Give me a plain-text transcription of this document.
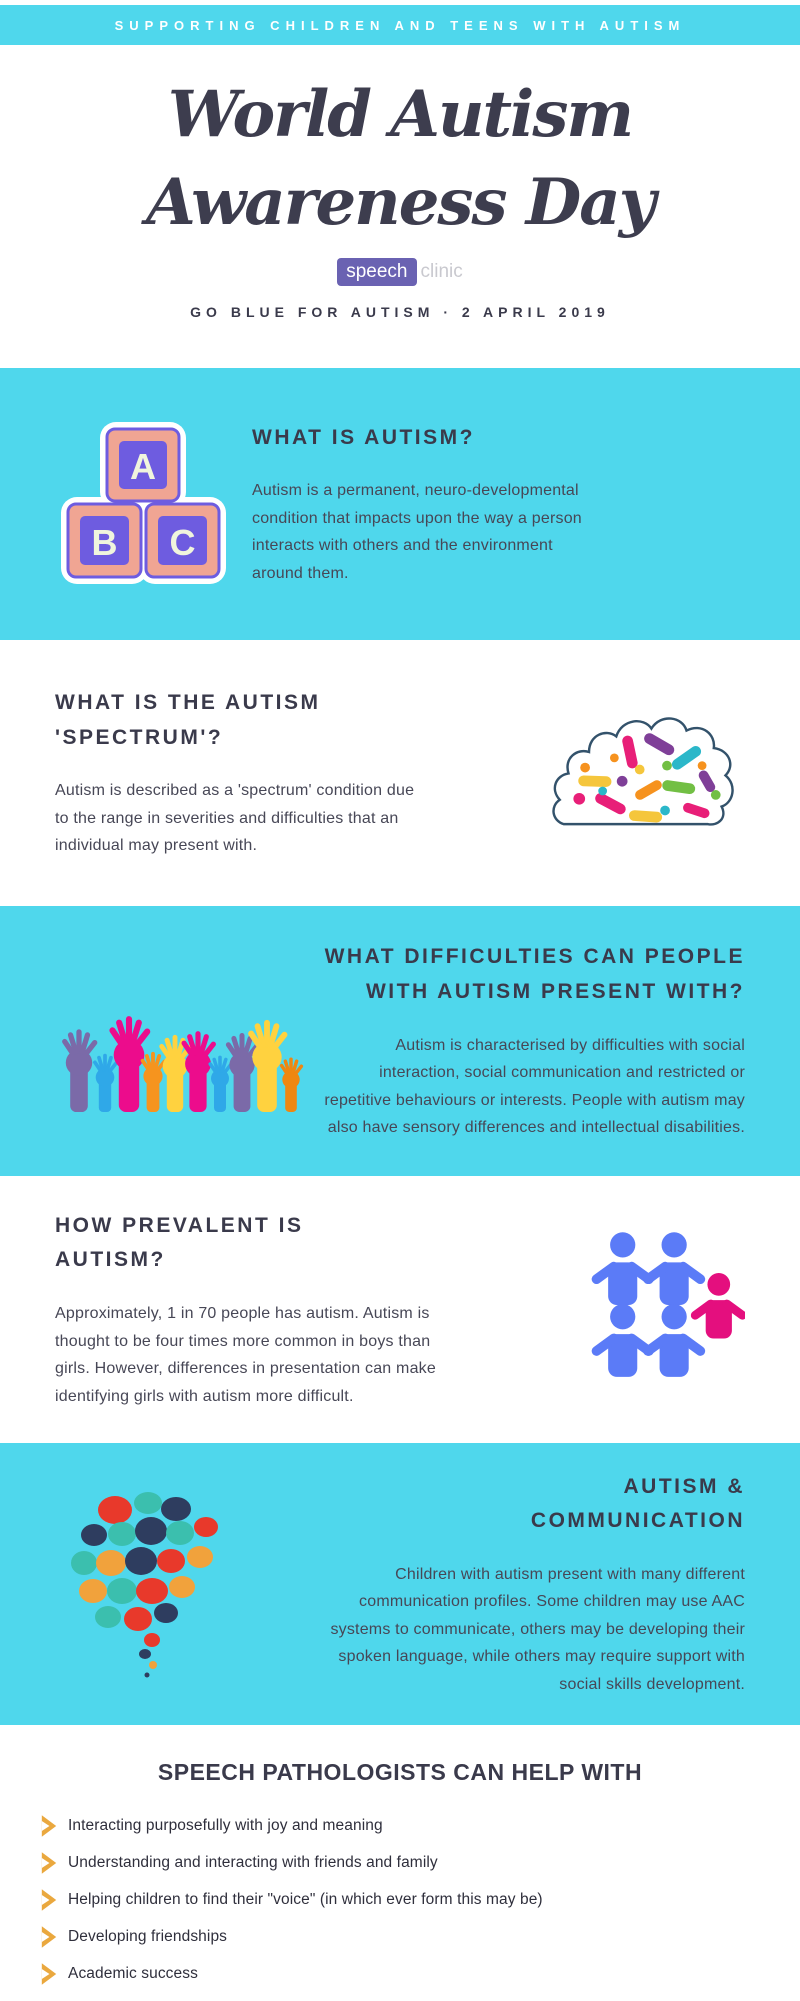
SUPPORTING CHILDREN AND TEENS WITH AUTISM
World Autism
Awareness Day
speech clinic
GO BLUE FOR AUTISM · 2 APRIL 2019
A
B C
WHAT IS AUTISM?

Autism is a permanent, neuro-developmental condition that impacts upon the way a person interacts with others and the environment around them.

WHAT IS THE AUTISM
'SPECTRUM'?

Autism is described as a 'spectrum' condition due to the range in severities and difficulties that an individual may present with.

WHAT DIFFICULTIES CAN PEOPLE
WITH AUTISM PRESENT WITH?

Autism is characterised by difficulties with social interaction, social communication and restricted or repetitive behaviours or interests. People with autism may also have sensory differences and intellectual disabilities.

HOW PREVALENT IS
AUTISM?

Approximately, 1 in 70 people has autism. Autism is thought to be four times more common in boys than girls. However, differences in presentation can make identifying girls with autism more difficult.

AUTISM &
COMMUNICATION

Children with autism present with many different communication profiles. Some children may use AAC systems to communicate, others may be developing their spoken language, while others may require support with social skills development.

SPEECH PATHOLOGISTS CAN HELP WITH
Interacting purposefully with joy and meaning
Understanding and interacting with friends and family
Helping children to find their "voice" (in which ever form this may be)
Developing friendships
Academic success
